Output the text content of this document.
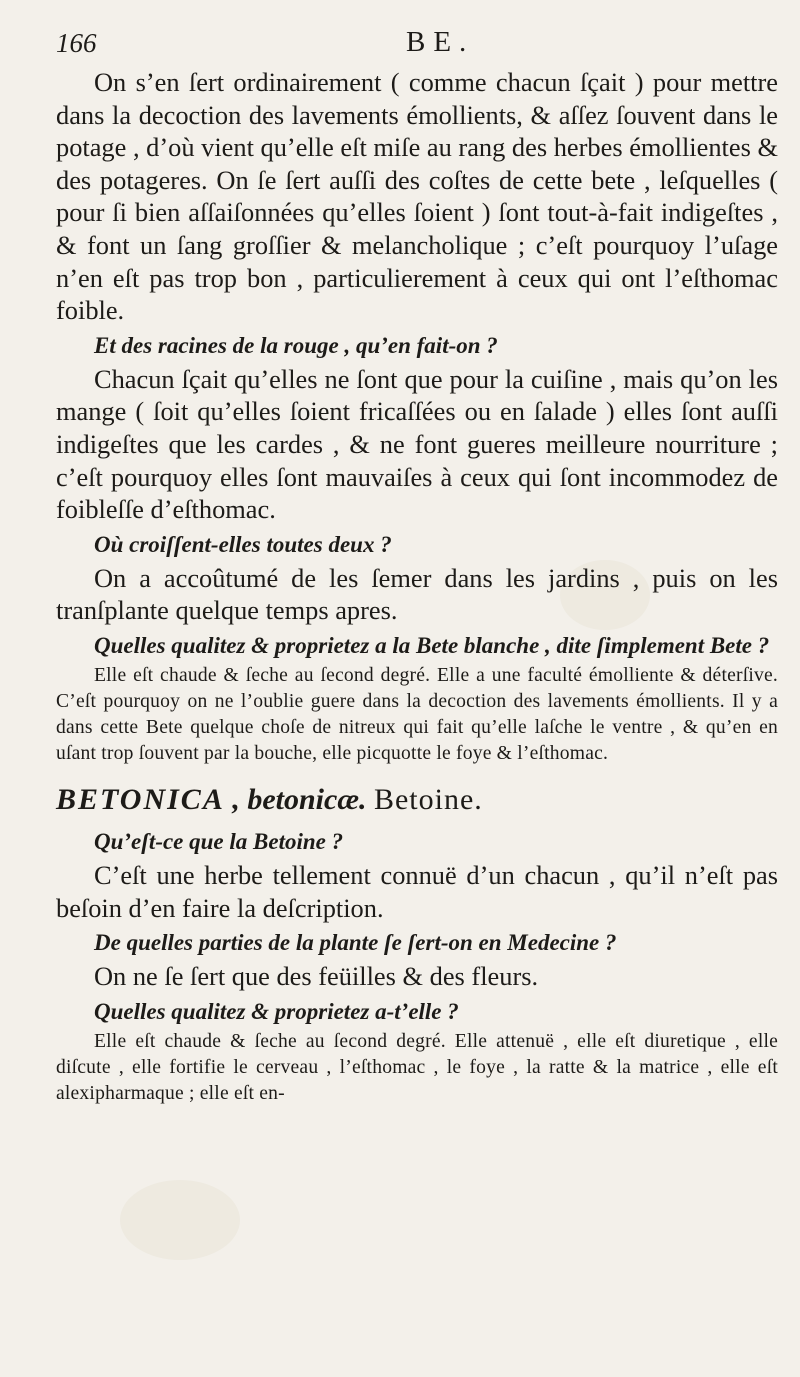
166	BE.

On s’en ſert ordinairement ( comme chacun ſçait ) pour mettre dans la decoction des lavements émollients, & aſſez ſouvent dans le potage , d’où vient qu’elle eſt miſe au rang des herbes émollientes & des potageres. On ſe ſert auſſi des coſtes de cette bete , leſquelles ( pour ſi bien aſſaiſonnées qu’elles ſoient ) ſont tout-à-fait indigeſtes , & font un ſang groſſier & melancholique ; c’eſt pourquoy l’uſage n’en eſt pas trop bon , particulierement à ceux qui ont l’eſthomac foible.

Et des racines de la rouge , qu’en fait-on ?

Chacun ſçait qu’elles ne ſont que pour la cuiſine , mais qu’on les mange ( ſoit qu’elles ſoient fricaſſées ou en ſalade ) elles ſont auſſi indigeſtes que les cardes , & ne font gueres meilleure nourriture ; c’eſt pourquoy elles ſont mauvaiſes à ceux qui ſont incommodez de foibleſſe d’eſthomac.

Où croiſſent-elles toutes deux ?

On a accoûtumé de les ſemer dans les jardins , puis on les tranſplante quelque temps apres.

Quelles qualitez & proprietez a la Bete blanche , dite ſimplement Bete ?

Elle eſt chaude & ſeche au ſecond degré. Elle a une faculté émolliente & déterſive. C’eſt pourquoy on ne l’oublie guere dans la decoction des lavements émollients. Il y a dans cette Bete quelque choſe de nitreux qui fait qu’elle laſche le ventre , & qu’en en uſant trop ſouvent par la bouche, elle picquotte le foye & l’eſthomac.

BETONICA , betonicæ. Betoine.

Qu’eſt-ce que la Betoine ?

C’eſt une herbe tellement connuë d’un chacun , qu’il n’eſt pas beſoin d’en faire la deſcription.

De quelles parties de la plante ſe ſert-on en Medecine ?

On ne ſe ſert que des feüilles & des fleurs.

Quelles qualitez & proprietez a-t’elle ?

Elle eſt chaude & ſeche au ſecond degré. Elle attenuë , elle eſt diuretique , elle diſcute , elle fortifie le cerveau , l’eſthomac , le foye , la ratte & la matrice , elle eſt alexipharmaque ; elle eſt en-
